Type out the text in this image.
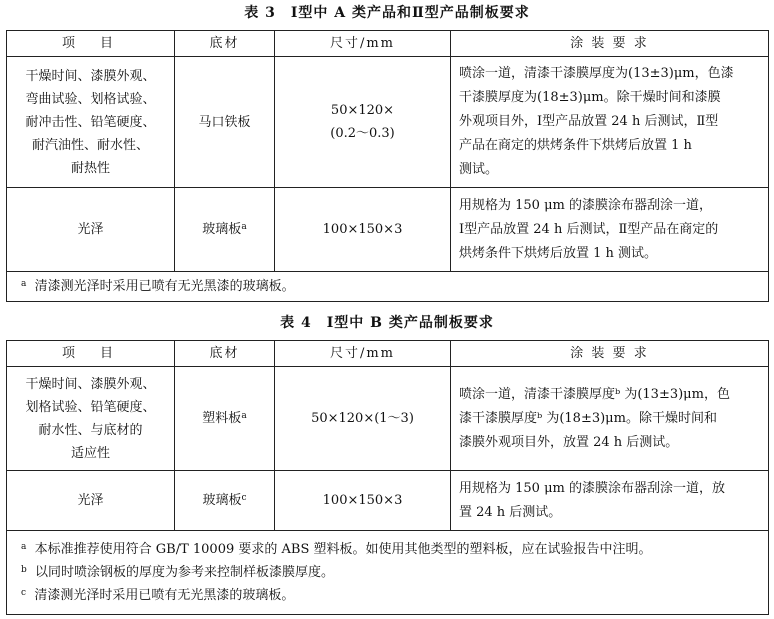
表 3　Ⅰ型中 A 类产品和Ⅱ型产品制板要求
项　目	底材	尺寸/mm	涂 装 要 求

干燥时间、漆膜外观、
弯曲试验、划格试验、
耐冲击性、铅笔硬度、
耐汽油性、耐水性、
耐热性	马口铁板	50×120×
(0.2～0.3)	喷涂一道，清漆干漆膜厚度为(13±3)μm，色漆
干漆膜厚度为(18±3)μm。除干燥时间和漆膜
外观项目外，Ⅰ型产品放置 24 h 后测试，Ⅱ型
产品在商定的烘烤条件下烘烤后放置 1 h
测试。

光泽	玻璃板$^a$	100×150×3	用规格为 150 μm 的漆膜涂布器刮涂一道，
Ⅰ型产品放置 24 h 后测试，Ⅱ型产品在商定的
烘烤条件下烘烤后放置 1 h 测试。

$^a$ 清漆测光泽时采用已喷有无光黑漆的玻璃板。			
表 4　Ⅰ型中 B 类产品制板要求
项　目	底材	尺寸/mm	涂 装 要 求

干燥时间、漆膜外观、
划格试验、铅笔硬度、
耐水性、与底材的
适应性	塑料板$^a$	50×120×(1～3)	喷涂一道，清漆干漆膜厚度ᵇ 为(13±3)μm，色
漆干漆膜厚度ᵇ 为(18±3)μm。除干燥时间和
漆膜外观项目外，放置 24 h 后测试。

光泽	玻璃板$^c$	100×150×3	用规格为 150 μm 的漆膜涂布器刮涂一道，放
置 24 h 后测试。

$^a$ 本标准推荐使用符合 GB/T 10009 要求的 ABS 塑料板。如使用其他类型的塑料板，应在试验报告中注明。
$^b$ 以同时喷涂钢板的厚度为参考来控制样板漆膜厚度。
$^c$ 清漆测光泽时采用已喷有无光黑漆的玻璃板。			
